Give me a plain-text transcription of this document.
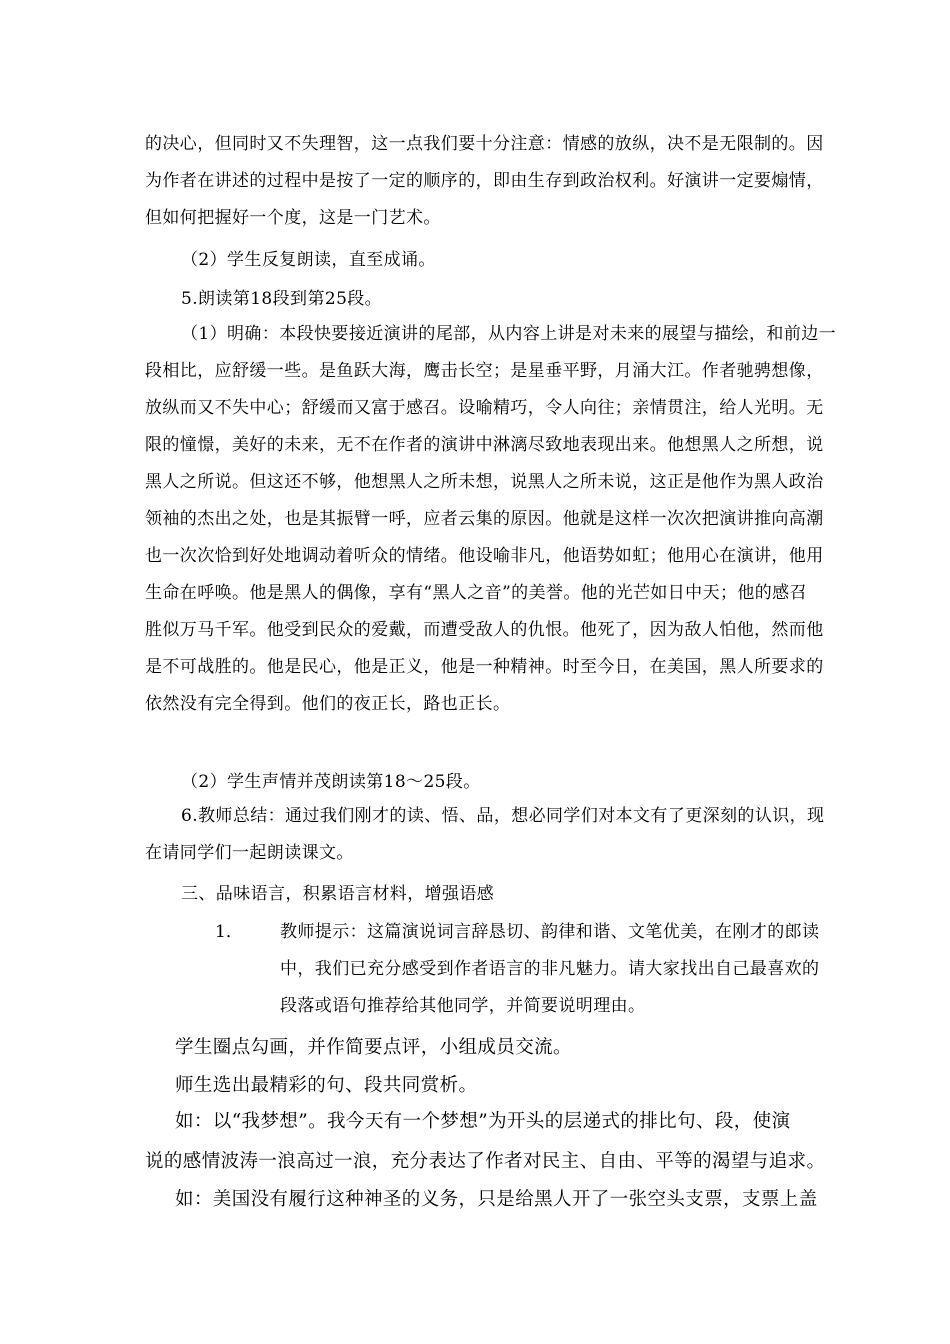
的决心，但同时又不失理智，这一点我们要十分注意：情感的放纵，决不是无限制的。因
为作者在讲述的过程中是按了一定的顺序的，即由生存到政治权利。好演讲一定要煽情，
但如何把握好一个度，这是一门艺术。
（2）学生反复朗读，直至成诵。
5.朗读第18段到第25段。
（1）明确：本段快要接近演讲的尾部，从内容上讲是对未来的展望与描绘，和前边一
段相比，应舒缓一些。是鱼跃大海，鹰击长空；是星垂平野，月涌大江。作者驰骋想像，
放纵而又不失中心；舒缓而又富于感召。设喻精巧，令人向往；亲情贯注，给人光明。无
限的憧憬，美好的未来，无不在作者的演讲中淋漓尽致地表现出来。他想黑人之所想，说
黑人之所说。但这还不够，他想黑人之所未想，说黑人之所未说，这正是他作为黑人政治
领袖的杰出之处，也是其振臂一呼，应者云集的原因。他就是这样一次次把演讲推向高潮
也一次次恰到好处地调动着听众的情绪。他设喻非凡，他语势如虹；他用心在演讲，他用
生命在呼唤。他是黑人的偶像，享有“黑人之音”的美誉。他的光芒如日中天；他的感召
胜似万马千军。他受到民众的爱戴，而遭受敌人的仇恨。他死了，因为敌人怕他，然而他
是不可战胜的。他是民心，他是正义，他是一种精神。时至今日，在美国，黑人所要求的
依然没有完全得到。他们的夜正长，路也正长。
（2）学生声情并茂朗读第18～25段。
6.教师总结：通过我们刚才的读、悟、品，想必同学们对本文有了更深刻的认识，现
在请同学们一起朗读课文。
三、品味语言，积累语言材料，增强语感
1． 教师提示：这篇演说词言辞恳切、韵律和谐、文笔优美，在刚才的郎读
中，我们已充分感受到作者语言的非凡魅力。请大家找出自己最喜欢的
段落或语句推荐给其他同学，并简要说明理由。
学生圈点勾画，并作简要点评，小组成员交流。
师生选出最精彩的句、段共同赏析。
如：以“我梦想”。我今天有一个梦想”为开头的层递式的排比句、段，使演
说的感情波涛一浪高过一浪，充分表达了作者对民主、自由、平等的渴望与追求。
如：美国没有履行这种神圣的义务，只是给黑人开了一张空头支票，支票上盖
